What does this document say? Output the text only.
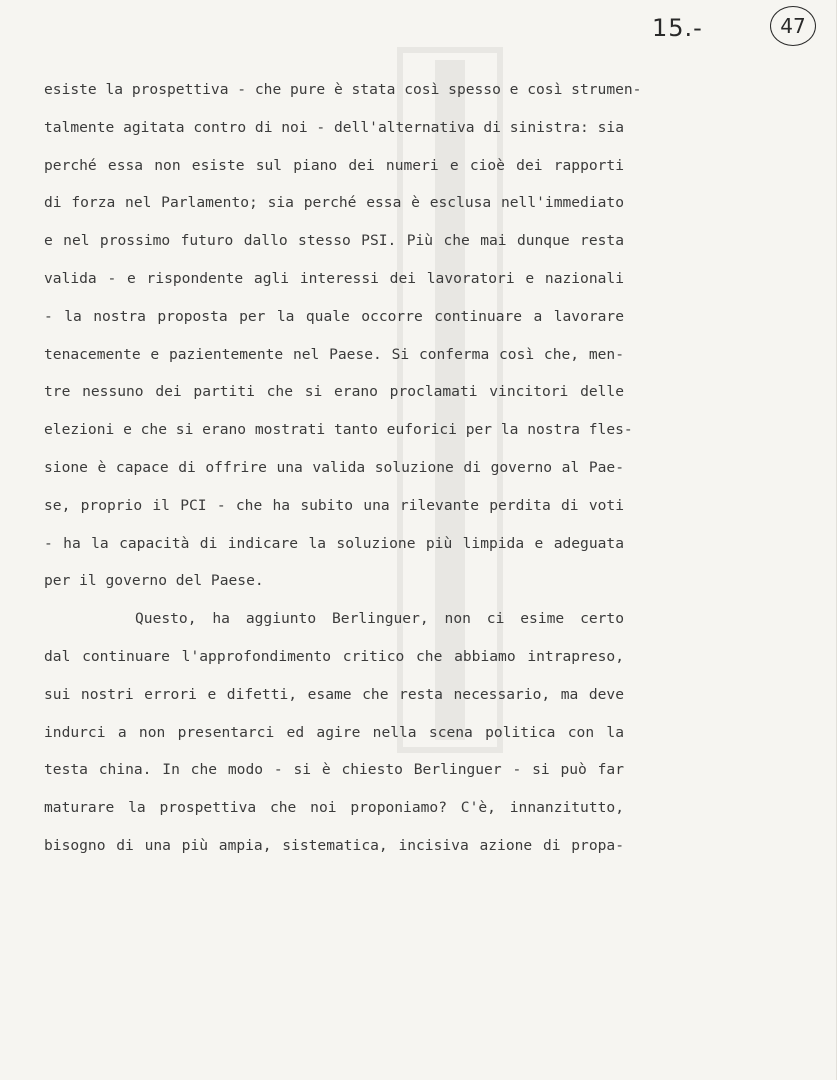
15.-	47
esiste la prospettiva - che pure è stata così spesso e così strumen-
talmente agitata contro di noi - dell'alternativa di sinistra: sia
perché essa non esiste sul piano dei numeri e cioè dei rapporti
di forza nel Parlamento; sia perché essa è esclusa nell'immediato
e nel prossimo futuro dallo stesso PSI. Più che mai dunque resta
valida - e rispondente agli interessi dei lavoratori e nazionali
- la nostra proposta per la quale occorre continuare a lavorare
tenacemente e pazientemente nel Paese. Si conferma così che, men-
tre nessuno dei partiti che si erano proclamati vincitori delle
elezioni e che si erano mostrati tanto euforici per la nostra fles-
sione è capace di offrire una valida soluzione di governo al Pae-
se, proprio il PCI - che ha subito una rilevante perdita di voti
- ha la capacità di indicare la soluzione più limpida e adeguata
per il governo del Paese.
Questo, ha aggiunto Berlinguer, non ci esime certo
dal continuare l'approfondimento critico che abbiamo intrapreso,
sui nostri errori e difetti, esame che resta necessario, ma deve
indurci a non presentarci ed agire nella scena politica con la
testa china. In che modo - si è chiesto Berlinguer - si può far
maturare la prospettiva che noi proponiamo? C'è, innanzitutto,
bisogno di una più ampia, sistematica, incisiva azione di propa-
